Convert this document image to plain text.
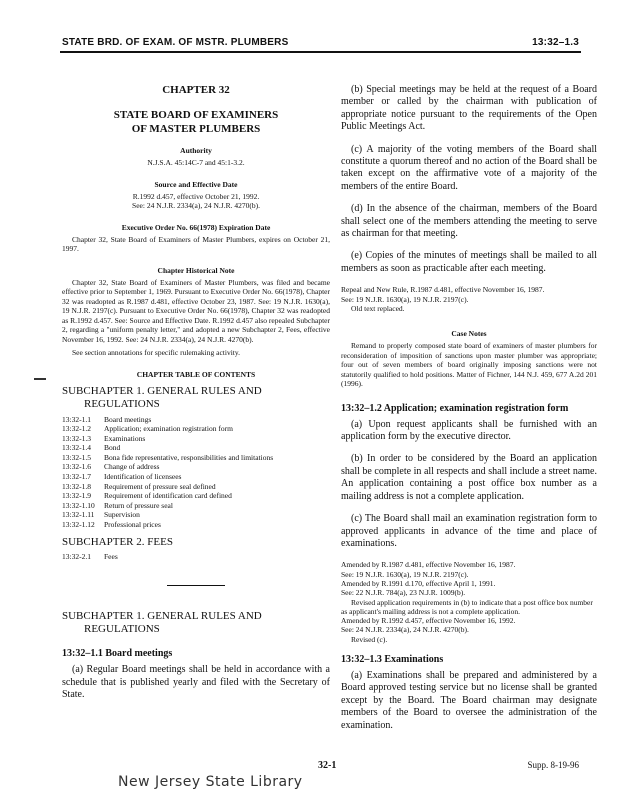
STATE BRD. OF EXAM. OF MSTR. PLUMBERS	13:32–1.3

CHAPTER 32

STATE BOARD OF EXAMINERS
OF MASTER PLUMBERS

Authority

N.J.S.A. 45:14C-7 and 45:1-3.2.

Source and Effective Date

R.1992 d.457, effective October 21, 1992.

See: 24 N.J.R. 2334(a), 24 N.J.R. 4270(b).

Executive Order No. 66(1978) Expiration Date

Chapter 32, State Board of Examiners of Master Plumbers, expires on October 21, 1997.

Chapter Historical Note

Chapter 32, State Board of Examiners of Master Plumbers, was filed and became effective prior to September 1, 1969. Pursuant to Executive Order No. 66(1978), Chapter 32 was readopted as R.1987 d.481, effective October 23, 1987. See: 19 N.J.R. 1630(a), 19 N.J.R. 2197(c). Pursuant to Executive Order No. 66(1978), Chapter 32 was readopted as R.1992 d.457. See: Source and Effective Date. R.1992 d.457 also repealed Subchapter 2, regarding a "uniform penalty letter," and adopted a new Subchapter 2, Fees, effective November 16, 1992. See: 24 N.J.R. 2334(a), 24 N.J.R. 4270(b).

See section annotations for specific rulemaking activity.

CHAPTER TABLE OF CONTENTS

SUBCHAPTER 1. GENERAL RULES AND
REGULATIONS

13:32-1.1	Board meetings
13:32-1.2	Application; examination registration form
13:32-1.3	Examinations
13:32-1.4	Bond
13:32-1.5	Bona fide representative, responsibilities and limitations
13:32-1.6	Change of address
13:32-1.7	Identification of licensees
13:32-1.8	Requirement of pressure seal defined
13:32-1.9	Requirement of identification card defined
13:32-1.10	Return of pressure seal
13:32-1.11	Supervision
13:32-1.12	Professional prices

SUBCHAPTER 2. FEES

13:32-2.1	Fees

SUBCHAPTER 1. GENERAL RULES AND
REGULATIONS

13:32–1.1 Board meetings

(a) Regular Board meetings shall be held in accordance with a schedule that is published yearly and filed with the Secretary of State.

(b) Special meetings may be held at the request of a Board member or called by the chairman with publication of appropriate notice pursuant to the requirements of the Open Public Meetings Act.

(c) A majority of the voting members of the Board shall constitute a quorum thereof and no action of the Board shall be taken except on the affirmative vote of a majority of the members of the entire Board.

(d) In the absence of the chairman, members of the Board shall select one of the members attending the meeting to serve as chairman for that meeting.

(e) Copies of the minutes of meetings shall be mailed to all members as soon as practicable after each meeting.

Repeal and New Rule, R.1987 d.481, effective November 16, 1987.

See: 19 N.J.R. 1630(a), 19 N.J.R. 2197(c).

Old text replaced.

Case Notes

Remand to properly composed state board of examiners of master plumbers for reconsideration of imposition of sanctions upon master plumber was appropriate; four out of seven members of board originally imposing sanctions were not statutorily qualified to hold positions. Matter of Fichner, 144 N.J. 459, 677 A.2d 201 (1996).

13:32–1.2 Application; examination registration form

(a) Upon request applicants shall be furnished with an application form by the executive director.

(b) In order to be considered by the Board an application shall be complete in all respects and shall include a street name. An application containing a post office box number as a mailing address is not a complete application.

(c) The Board shall mail an examination registration form to approved applicants in advance of the time and place of examinations.

Amended by R.1987 d.481, effective November 16, 1987.

See: 19 N.J.R. 1630(a), 19 N.J.R. 2197(c).

Amended by R.1991 d.170, effective April 1, 1991.

See: 22 N.J.R. 784(a), 23 N.J.R. 1009(b).

Revised application requirements in (b) to indicate that a post office box number as applicant's mailing address is not a complete application.

Amended by R.1992 d.457, effective November 16, 1992.

See: 24 N.J.R. 2334(a), 24 N.J.R. 4270(b).

Revised (c).

13:32–1.3 Examinations

(a) Examinations shall be prepared and administered by a Board approved testing service but no license shall be granted except by the Board. The Board chairman may designate members of the Board to oversee the administration of the examination.

32-1	Supp. 8-19-96
New Jersey State Library
